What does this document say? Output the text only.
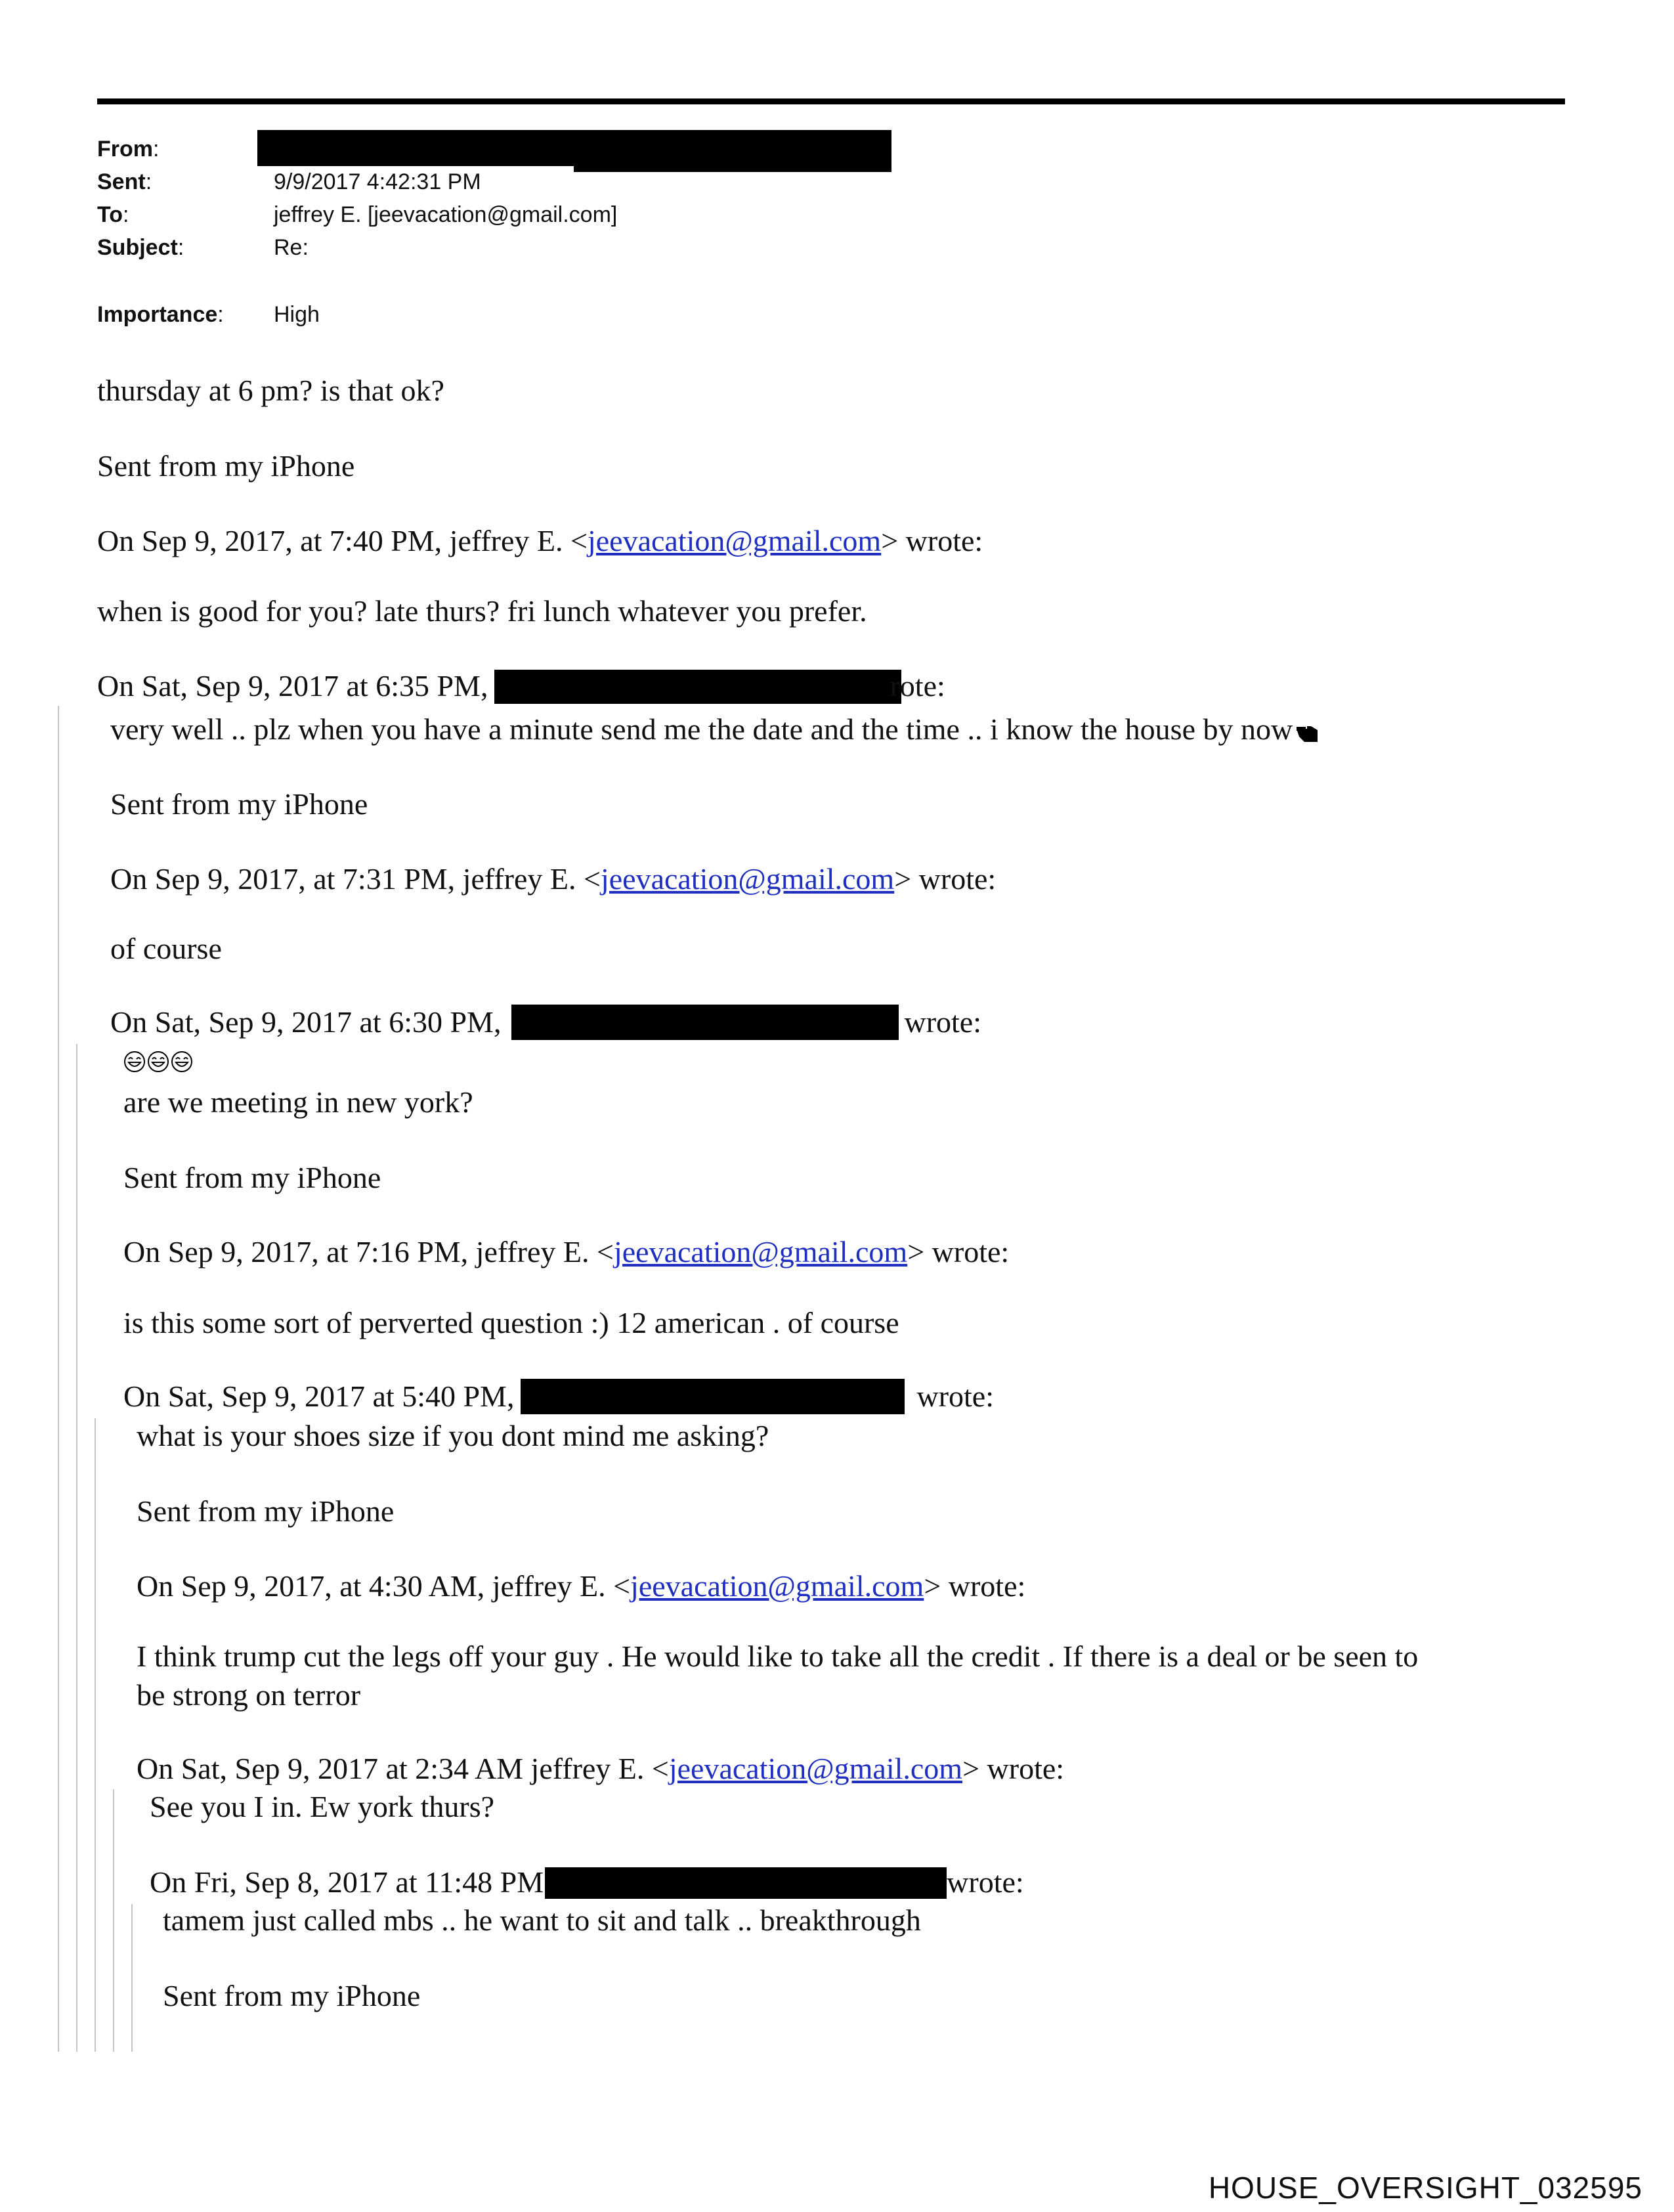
From:
Sent:	9/9/2017 4:42:31 PM
To:	jeffrey E. [jeevacation@gmail.com]
Subject:	Re:
Importance: High
thursday at 6 pm? is that ok?
Sent from my iPhone
On Sep 9, 2017, at 7:40 PM, jeffrey E. <jeevacation@gmail.com> wrote:
when is good for you? late thurs? fri lunch whatever you prefer.
On Sat, Sep 9, 2017 at 6:35 PM,	rote:
very well .. plz when you have a minute send me the date and the time .. i know the house by now
Sent from my iPhone
On Sep 9, 2017, at 7:31 PM, jeffrey E. <jeevacation@gmail.com> wrote:
of course
On Sat, Sep 9, 2017 at 6:30 PM,	wrote:
are we meeting in new york?
Sent from my iPhone
On Sep 9, 2017, at 7:16 PM, jeffrey E. <jeevacation@gmail.com> wrote:
is this some sort of perverted question :) 12 american . of course
On Sat, Sep 9, 2017 at 5:40 PM,	wrote:
what is your shoes size if you dont mind me asking?
Sent from my iPhone
On Sep 9, 2017, at 4:30 AM, jeffrey E. <jeevacation@gmail.com> wrote:
I think trump cut the legs off your guy . He would like to take all the credit . If there is a deal or be seen to
be strong on terror
On Sat, Sep 9, 2017 at 2:34 AM jeffrey E. <jeevacation@gmail.com> wrote:
See you I in. Ew york thurs?
On Fri, Sep 8, 2017 at 11:48 PM	wrote:
tamem just called mbs .. he want to sit and talk .. breakthrough
Sent from my iPhone
HOUSE_OVERSIGHT_032595
